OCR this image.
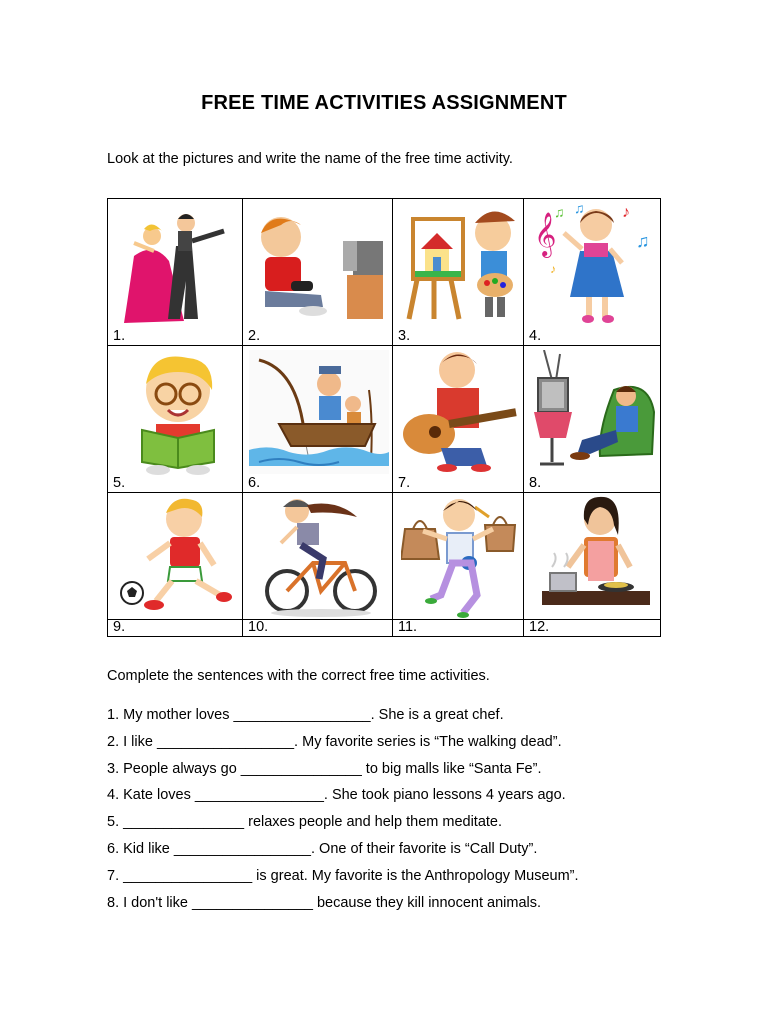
FREE TIME ACTIVITIES ASSIGNMENT
Look at the pictures and write the name of the free time activity.
𝄞
♫ ♫ ♪
♫
♪
1.	2.	3.	4.
5.	6.	7.	8.
9.	10.	11.	12.
Complete the sentences with the correct free time activities.
1. My mother loves _________________. She is a great chef.
2. I like _________________. My favorite series is “The walking dead”.
3. People always go _______________ to big malls like “Santa Fe”.
4. Kate loves ________________. She took piano lessons 4 years ago.
5. _______________ relaxes people and help them meditate.
6. Kid like _________________. One of their favorite is “Call Duty”.
7. ________________ is great. My favorite is the Anthropology Museum”.
8. I don't like _______________ because they kill innocent animals.
